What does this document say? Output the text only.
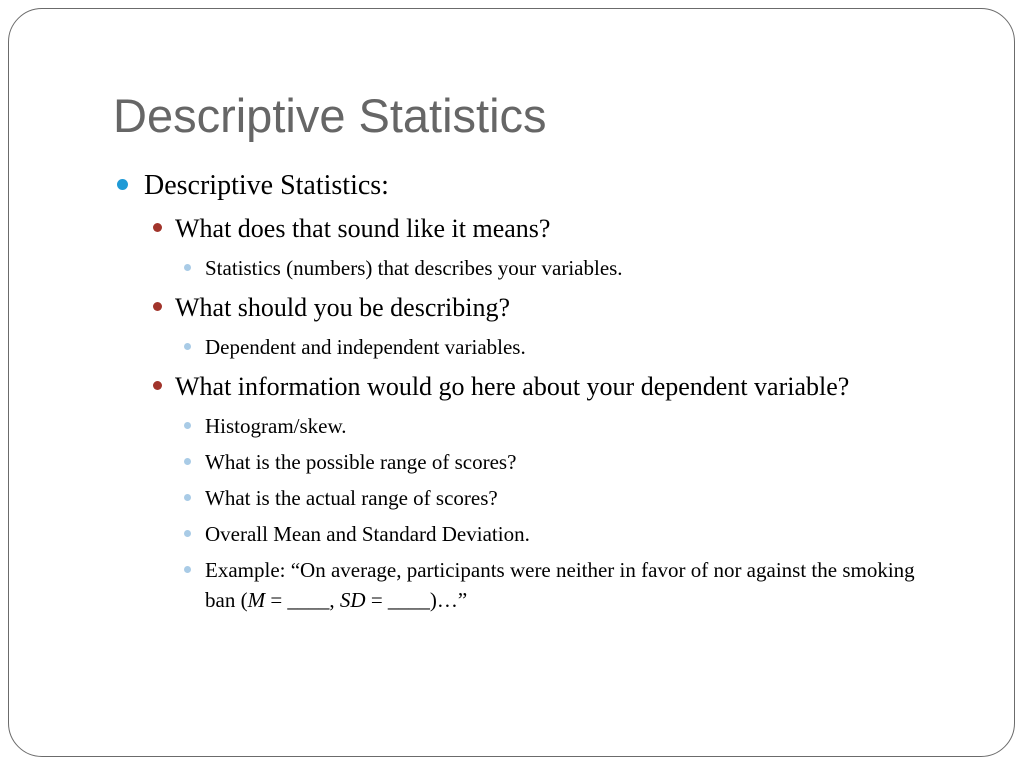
Descriptive Statistics
Descriptive Statistics:
What does that sound like it means?
Statistics (numbers) that describes your variables.
What should you be describing?
Dependent and independent variables.
What information would go here about your dependent variable?
Histogram/skew.
What is the possible range of scores?
What is the actual range of scores?
Overall Mean and Standard Deviation.
Example: “On average, participants were neither in favor of nor against the smoking ban (M = ____, SD = ____)…”
